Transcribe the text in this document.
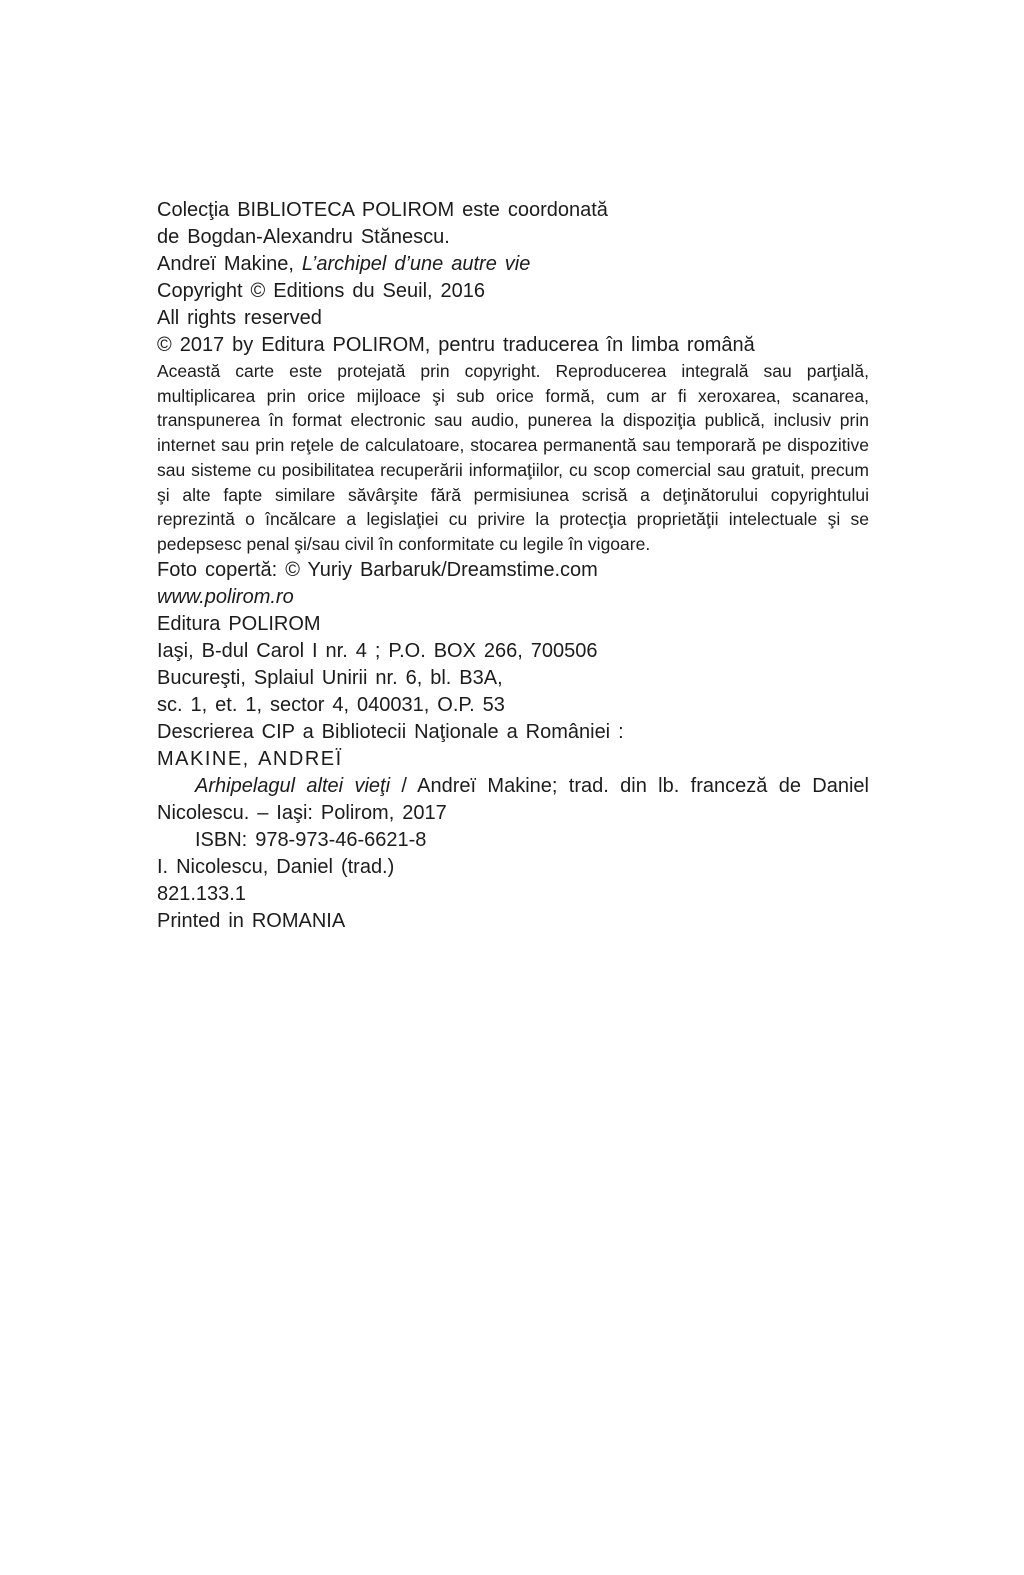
Colecţia BIBLIOTECA POLIROM este coordonată
de Bogdan-Alexandru Stănescu.
Andreï Makine, L’archipel d’une autre vie
Copyright © Editions du Seuil, 2016
All rights reserved
© 2017 by Editura POLIROM, pentru traducerea în limba română

Această carte este protejată prin copyright. Reproducerea integrală sau parţială, multiplicarea prin orice mijloace şi sub orice formă, cum ar fi xeroxarea, scanarea, transpunerea în format electronic sau audio, punerea la dispoziţia publică, inclusiv prin internet sau prin reţele de calculatoare, stocarea permanentă sau temporară pe dispozitive sau sisteme cu posibilitatea recuperării informaţiilor, cu scop comercial sau gratuit, precum şi alte fapte similare săvârşite fără permisiunea scrisă a deţinătorului copyrightului reprezintă o încălcare a legislaţiei cu privire la protecţia proprietăţii intelectuale şi se pedepsesc penal şi/sau civil în conformitate cu legile în vigoare.

Foto copertă: © Yuriy Barbaruk/Dreamstime.com
www.polirom.ro
Editura POLIROM
Iaşi, B-dul Carol I nr. 4 ; P.O. BOX 266, 700506
Bucureşti, Splaiul Unirii nr. 6, bl. B3A,
sc. 1, et. 1, sector 4, 040031, O.P. 53
Descrierea CIP a Bibliotecii Naţionale a României :
MAKINE, ANDREÏ

Arhipelagul altei vieţi / Andreï Makine; trad. din lb. franceză de Daniel Nicolescu. – Iaşi: Polirom, 2017

ISBN: 978-973-46-6621-8
I. Nicolescu, Daniel (trad.)
821.133.1
Printed in ROMANIA
